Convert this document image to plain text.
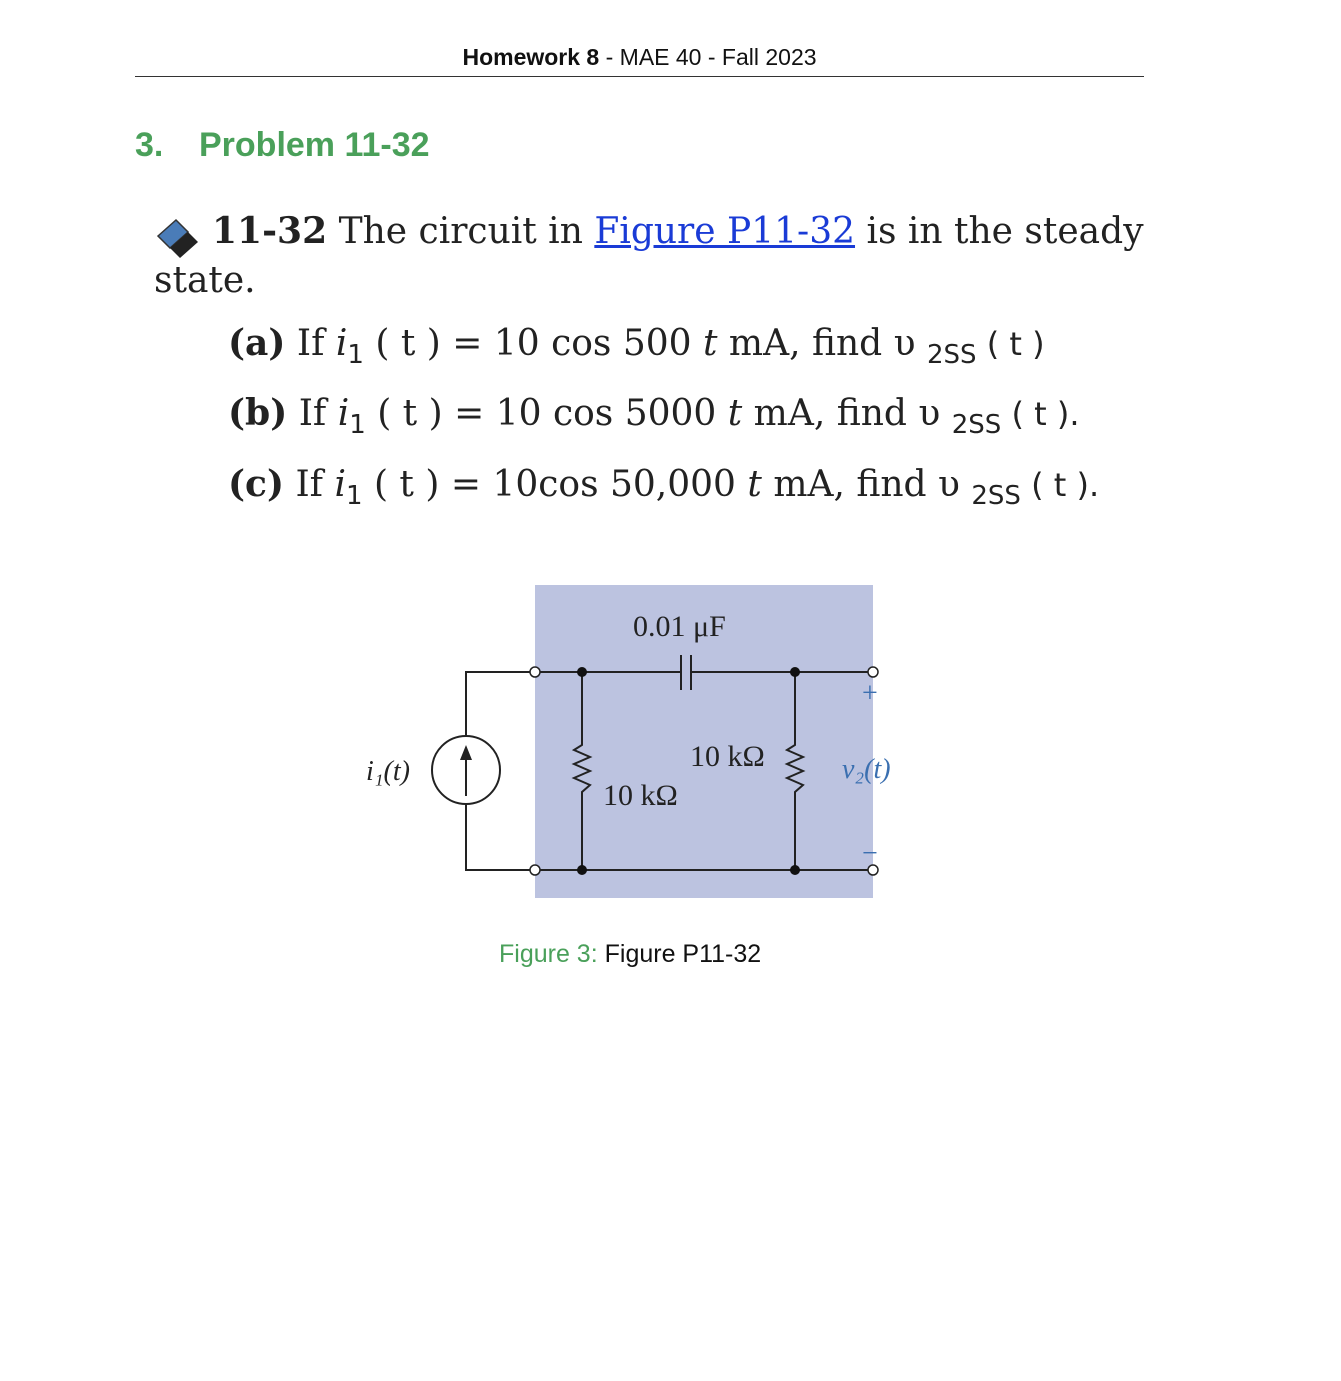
Homework 8 - MAE 40 - Fall 2023
3. Problem 11-32
11-32 The circuit in Figure P11-32 is in the steady
state.
(a) If $i_1$ ( t ) = 10 cos 500 t mA, find υ $_{2SS}$ ( t )
(b) If $i_1$ ( t ) = 10 cos 5000 t mA, find υ $_{2SS}$ ( t ).
(c) If $i_1$ ( t ) = 10cos 50,000 t mA, find υ $_{2SS}$ ( t ).
0.01 μF
10 kΩ
10 kΩ
i₁(t)	v₂(t)
+
−
Figure 3: Figure P11-32
